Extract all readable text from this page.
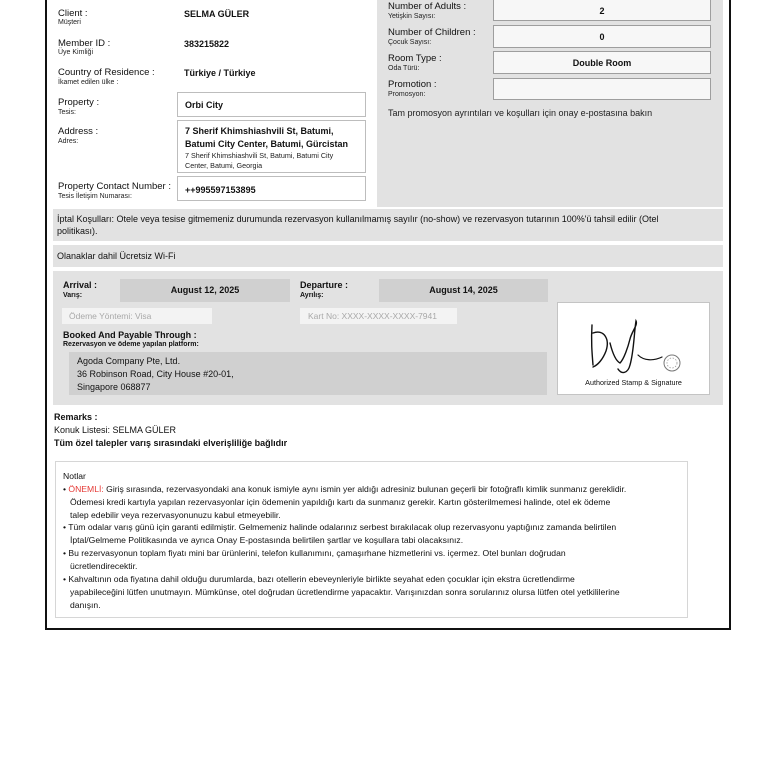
Client :
Müşteri
SELMA GÜLER
Member ID :
Üye Kimliği
383215822
Country of Residence :
İkamet edilen ülke :
Türkiye / Türkiye
Property :
Tesis:
Orbi City
Address :
Adres:
7 Sherif Khimshiashvili St, Batumi,
Batumi City Center, Batumi, Gürcistan
7 Sherif Khimshiashvili St, Batumi, Batumi City
Center, Batumi, Georgia
Property Contact Number :
Tesis İletişim Numarası:
++995597153895
Number of Adults :
Yetişkin Sayısı:
2
Number of Children :
Çocuk Sayısı:
0
Room Type :
Oda Türü:
Double Room
Promotion :
Promosyon:
Tam promosyon ayrıntıları ve koşulları için onay e-postasına bakın
İptal Koşulları: Otele veya tesise gitmemeniz durumunda rezervasyon kullanılmamış sayılır (no-show) ve rezervasyon tutarının 100%'ü tahsil edilir (Otel
politikası).
Olanaklar dahil Ücretsiz Wi-Fi
Arrival :
Varış:
August 12, 2025	Departure :
Ayrılış:
August 14, 2025
Ödeme Yöntemi: Visa	Kart No: XXXX-XXXX-XXXX-7941
Booked And Payable Through :
Rezervasyon ve ödeme yapılan platform:
Agoda Company Pte, Ltd.
36 Robinson Road, City House #20-01,
Singapore 068877	Authorized Stamp & Signature
Remarks :
Konuk Listesi: SELMA GÜLER
Tüm özel talepler varış sırasındaki elverişliliğe bağlıdır
Notlar
• ÖNEMLİ: Giriş sırasında, rezervasyondaki ana konuk ismiyle aynı ismin yer aldığı adresiniz bulunan geçerli bir fotoğraflı kimlik sunmanız gereklidir.
Ödemesi kredi kartıyla yapılan rezervasyonlar için ödemenin yapıldığı kartı da sunmanız gerekir. Kartın gösterilmemesi halinde, otel ek ödeme
talep edebilir veya rezervasyonunuzu kabul etmeyebilir.
• Tüm odalar varış günü için garanti edilmiştir. Gelmemeniz halinde odalarınız serbest bırakılacak olup rezervasyonu yaptığınız zamanda belirtilen
İptal/Gelmeme Politikasında ve ayrıca Onay E-postasında belirtilen şartlar ve koşullara tabi olacaksınız.
• Bu rezervasyonun toplam fiyatı mini bar ürünlerini, telefon kullanımını, çamaşırhane hizmetlerini vs. içermez. Otel bunları doğrudan
ücretlendirecektir.
• Kahvaltının oda fiyatına dahil olduğu durumlarda, bazı otellerin ebeveynleriyle birlikte seyahat eden çocuklar için ekstra ücretlendirme
yapabileceğini lütfen unutmayın. Mümkünse, otel doğrudan ücretlendirme yapacaktır. Varışınızdan sonra sorularınız olursa lütfen otel yetkililerine
danışın.
